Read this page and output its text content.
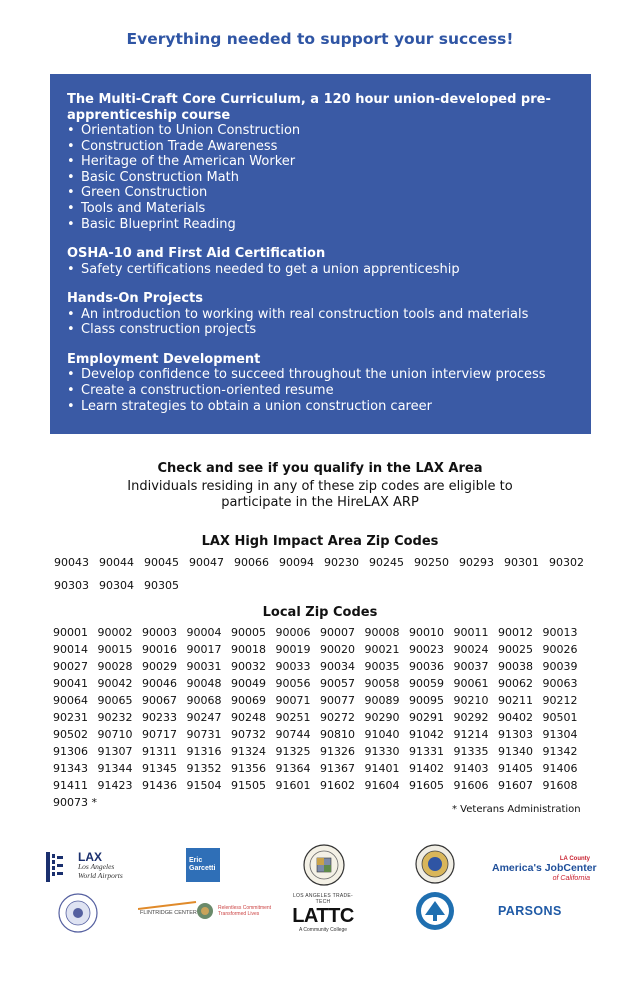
Everything needed to support your success!
The Multi-Craft Core Curriculum, a 120 hour union-developed pre-apprenticeship course
• Orientation to Union Construction
• Construction Trade Awareness
• Heritage of the American Worker
• Basic Construction Math
• Green Construction
• Tools and Materials
• Basic Blueprint Reading
OSHA-10 and First Aid Certification
• Safety certifications needed to get a union apprenticeship
Hands-On Projects
• An introduction to working with real construction tools and materials
• Class construction projects
Employment Development
• Develop confidence to succeed throughout the union interview process
• Create a construction-oriented resume
• Learn strategies to obtain a union construction career
Check and see if you qualify in the LAX Area
Individuals residing in any of these zip codes are eligible to participate in the HireLAX ARP
LAX High Impact Area Zip Codes
90043 90044 90045 90047 90066 90094 90230 90245 90250 90293 90301 90302
90303 90304 90305
Local Zip Codes
90001 90002 90003 90004 90005 90006 90007 90008 90010 90011 90012 90013
90014 90015 90016 90017 90018 90019 90020 90021 90023 90024 90025 90026
90027 90028 90029 90031 90032 90033 90034 90035 90036 90037 90038 90039
90041 90042 90046 90048 90049 90056 90057 90058 90059 90061 90062 90063
90064 90065 90067 90068 90069 90071 90077 90089 90095 90210 90211 90212
90231 90232 90233 90247 90248 90251 90272 90290 90291 90292 90402 90501
90502 90710 90717 90731 90732 90744 90810 91040 91042 91214 91303 91304
91306 91307 91311 91316 91324 91325 91326 91330 91331 91335 91340 91342
91343 91344 91345 91352 91356 91364 91367 91401 91402 91403 91405 91406
91411 91423 91436 91504 91505 91601 91602 91604 91605 91606 91607 91608
90073 *
* Veterans Administration
LAX
Los Angeles
World Airports
Eric
Garcetti
LA County
America's JobCenter
of California
FLINTRIDGE CENTER
Relentless Commitment
Transformed Lives
LOS ANGELES TRADE-TECH
LATTC
A Community College
PARSONS
